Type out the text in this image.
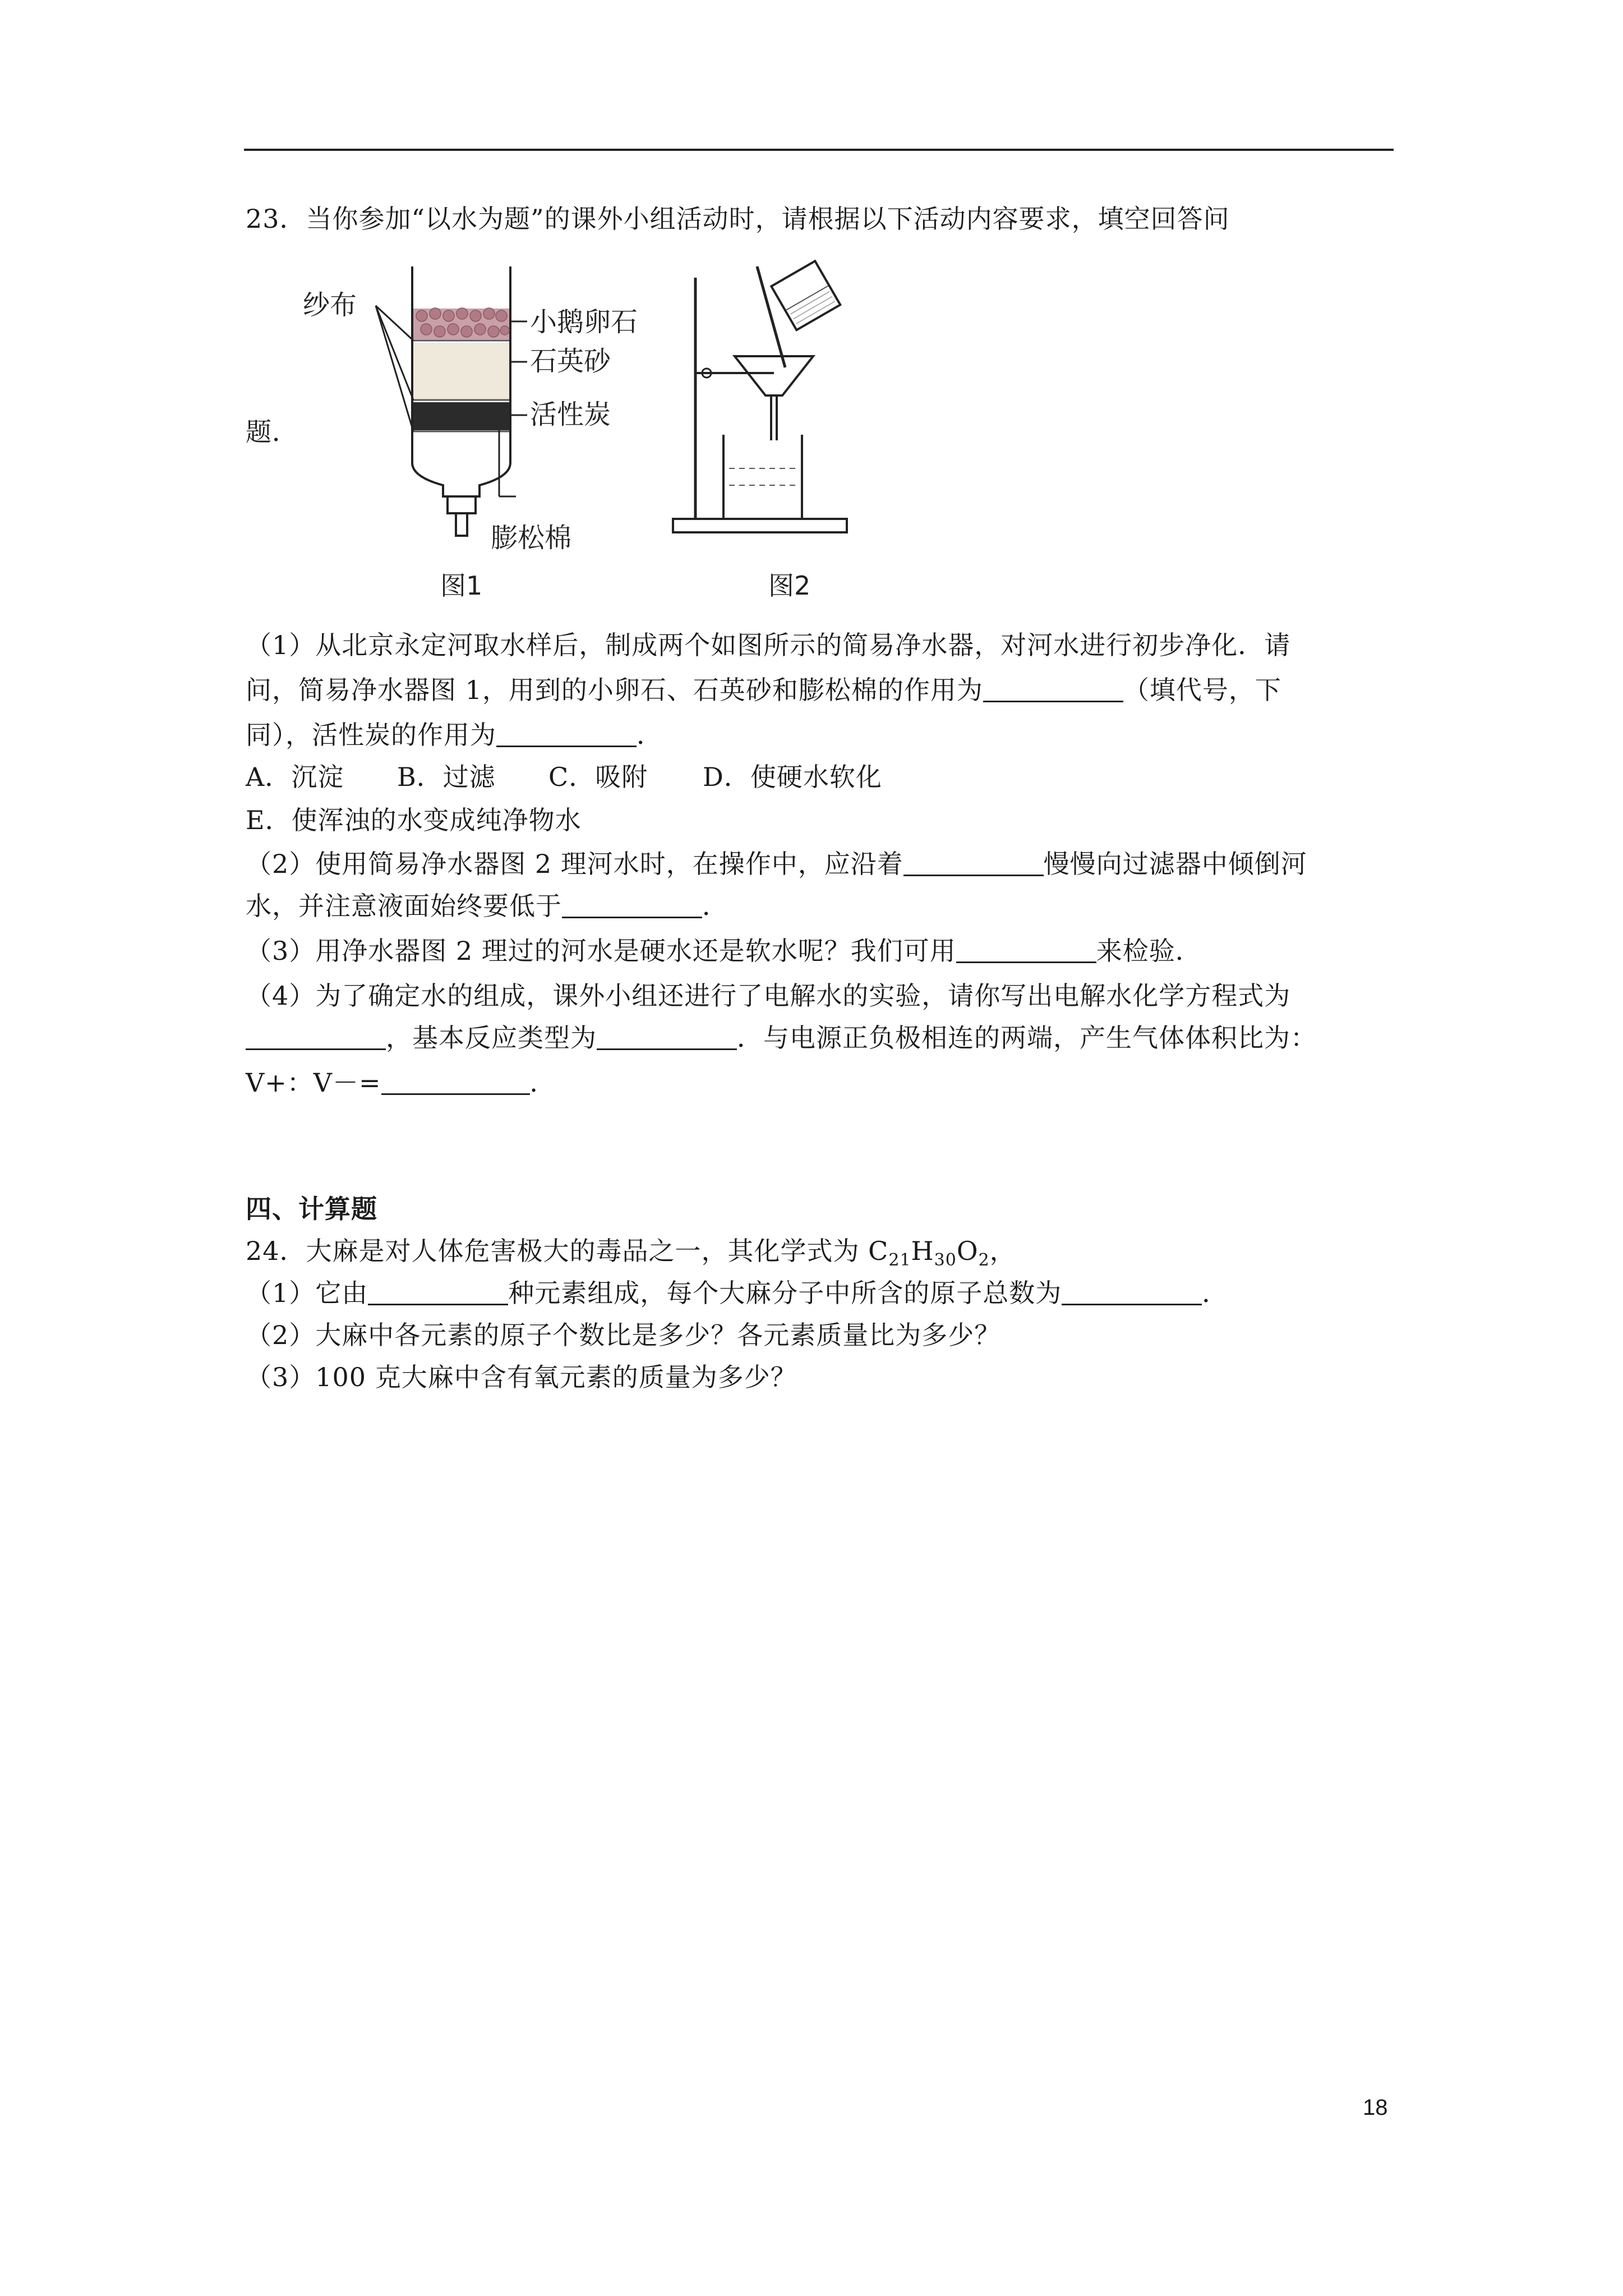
23．当你参加“以水为题”的课外小组活动时，请根据以下活动内容要求，填空回答问
纱布
小鹅卵石
石英砂
活性炭
膨松棉
图1	图2
题．
（1）从北京永定河取水样后，制成两个如图所示的简易净水器，对河水进行初步净化．请
问，简易净水器图 1，用到的小卵石、石英砂和膨松棉的作用为	（填代号，下
同），活性炭的作用为	．
A．沉淀 B．过滤 C．吸附 D．使硬水软化
E．使浑浊的水变成纯净物水
（2）使用简易净水器图 2 理河水时，在操作中，应沿着	慢慢向过滤器中倾倒河
水，并注意液面始终要低于	．
（3）用净水器图 2 理过的河水是硬水还是软水呢？我们可用	来检验．
（4）为了确定水的组成，课外小组还进行了电解水的实验，请你写出电解水化学方程式为
，基本反应类型为	．与电源正负极相连的两端，产生气体体积比为：
V+：V－=	．
四、计算题
24．大麻是对人体危害极大的毒品之一，其化学式为 $C_{21}H_{30}O_2$，
（1）它由	种元素组成，每个大麻分子中所含的原子总数为	．
（2）大麻中各元素的原子个数比是多少？各元素质量比为多少？
（3）100 克大麻中含有氧元素的质量为多少？
18
